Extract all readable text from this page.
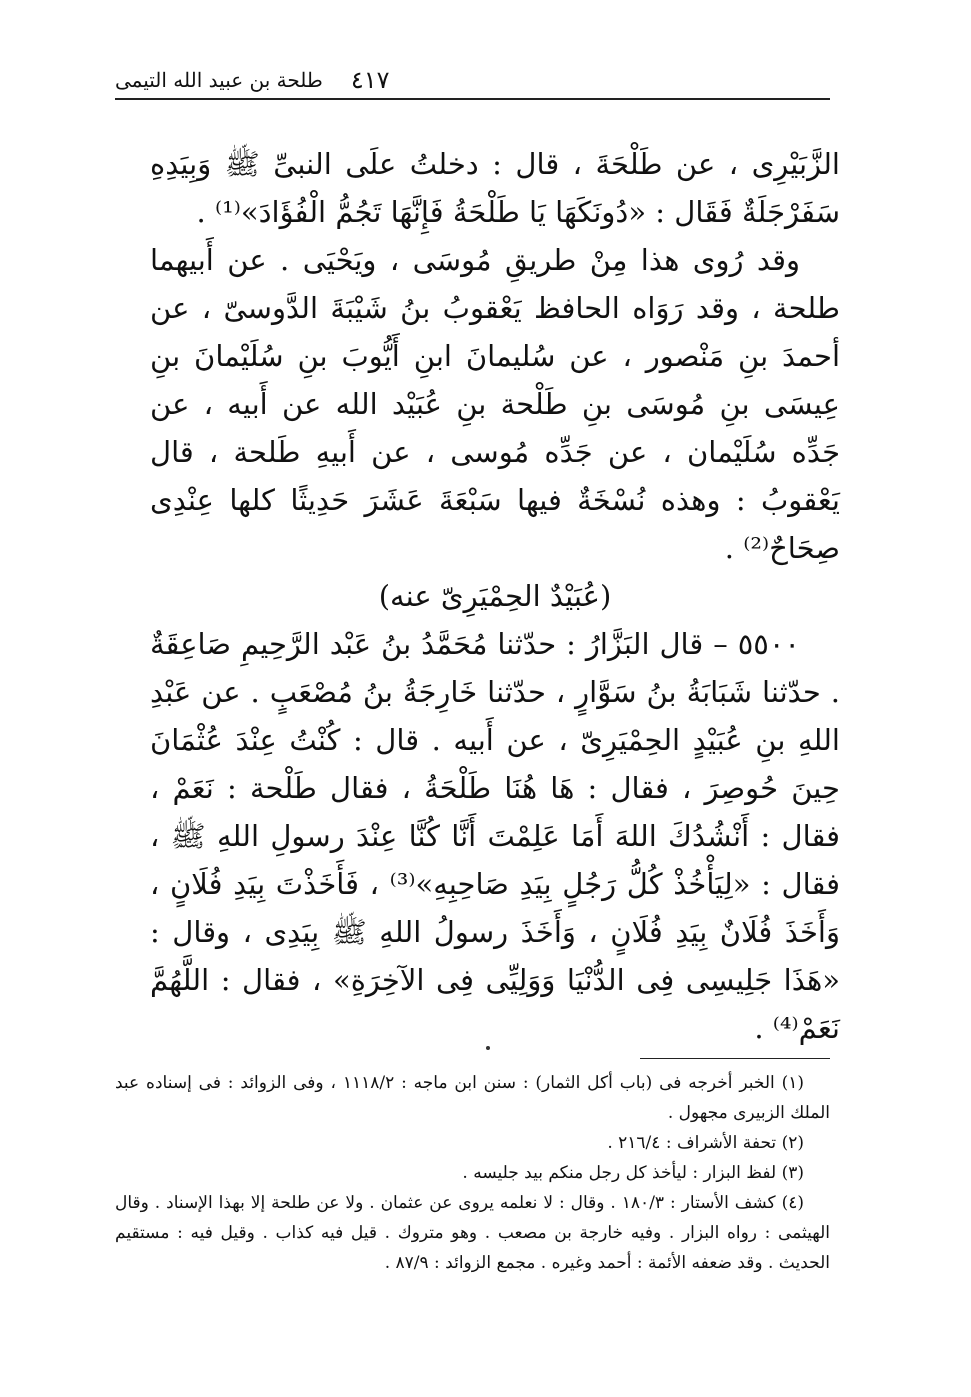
طلحة بن عبيد الله التيمى ٤١٧

الزَّبَيْرِى ، عن طَلْحَةَ ، قال : دخلتُ علَى النبىِّ ﷺ وَبِيَدِهِ سَفَرْجَلَةٌ فَقَال : «دُونَكَهَا يَا طَلْحَةُ فَإِنَّهَا تَجُمُّ الْفُؤَادَ»⁽¹⁾ .

وقد رُوى هذا مِنْ طريقِ مُوسَى ، ويَحْيَى . عن أَبيهما طلحة ، وقد رَوَاه الحافظ يَعْقوبُ بنُ شَيْبَةَ الدَّوسىّ ، عن أحمدَ بنِ مَنْصور ، عن سُليمانَ ابنِ أَيُّوبَ بنِ سُلَيْمانَ بنِ عِيسَى بنِ مُوسَى بنِ طَلْحة بنِ عُبَيْد الله عن أَبيه ، عن جَدِّه سُلَيْمان ، عن جَدِّه مُوسى ، عن أَبيهِ طَلحة ، قال يَعْقوبُ : وهذه نُسْخَةٌ فيها سَبْعَةَ عَشَرَ حَدِيثًا كلها عِنْدِى صِحَاحٌ⁽²⁾ .

(عُبَيْدٌ الحِمْيَرِىّ عنه)

٥٥٠٠ – قال البَزَّارُ : حدّثنا مُحَمَّدُ بنُ عَبْد الرَّحِيمِ صَاعِقَةٌ . حدّثنا شَبَابَةُ بنُ سَوَّارٍ ، حدّثنا خَارِجَةُ بنُ مُصْعَبٍ . عن عَبْدِ اللهِ بنِ عُبَيْدٍ الحِمْيَرِىّ ، عن أَبيه . قال : كُنْتُ عِنْدَ عُثْمَانَ حِينَ حُوصِرَ ، فقال : هَا هُنَا طَلْحَةُ ، فقال طَلْحة : نَعَمْ ، فقال : أَنْشُدُكَ اللهَ أَمَا عَلِمْتَ أَنَّا كُنَّا عِنْدَ رسولِ اللهِ ﷺ ، فقال : «لِيَأْخُذْ كُلُّ رَجُلٍ بِيَدِ صَاحِبِهِ»⁽³⁾ ، فَأَخَذْتَ بِيَدِ فُلَانٍ ، وَأَخَذَ فُلَانٌ بِيَدِ فُلَانٍ ، وَأَخَذَ رسولُ اللهِ ﷺ بِيَدِى ، وقال : «هَذَا جَلِيسِى فِى الدُّنْيَا وَوَلِيِّى فِى الآخِرَةِ» ، فقال : اللَّهُمَّ نَعَمْ⁽⁴⁾ .

(١) الخبر أخرجه فى (باب أكل الثمار) : سنن ابن ماجه : ١١١٨/٢ ، وفى الزوائد : فى إسناده عبد الملك الزبيرى مجهول .

(٢) تحفة الأشراف : ٢١٦/٤ .

(٣) لفظ البزار : ليأخذ كل رجل منكم بيد جليسه .

(٤) كشف الأستار : ١٨٠/٣ . وقال : لا نعلمه يروى عن عثمان . ولا عن طلحة إلا بهذا الإسناد . وقال الهيثمى : رواه البزار . وفيه خارجة بن مصعب . وهو متروك . قيل فيه كذاب . وقيل فيه : مستقيم الحديث . وقد ضعفه الأئمة : أحمد وغيره . مجمع الزوائد : ٨٧/٩ .
